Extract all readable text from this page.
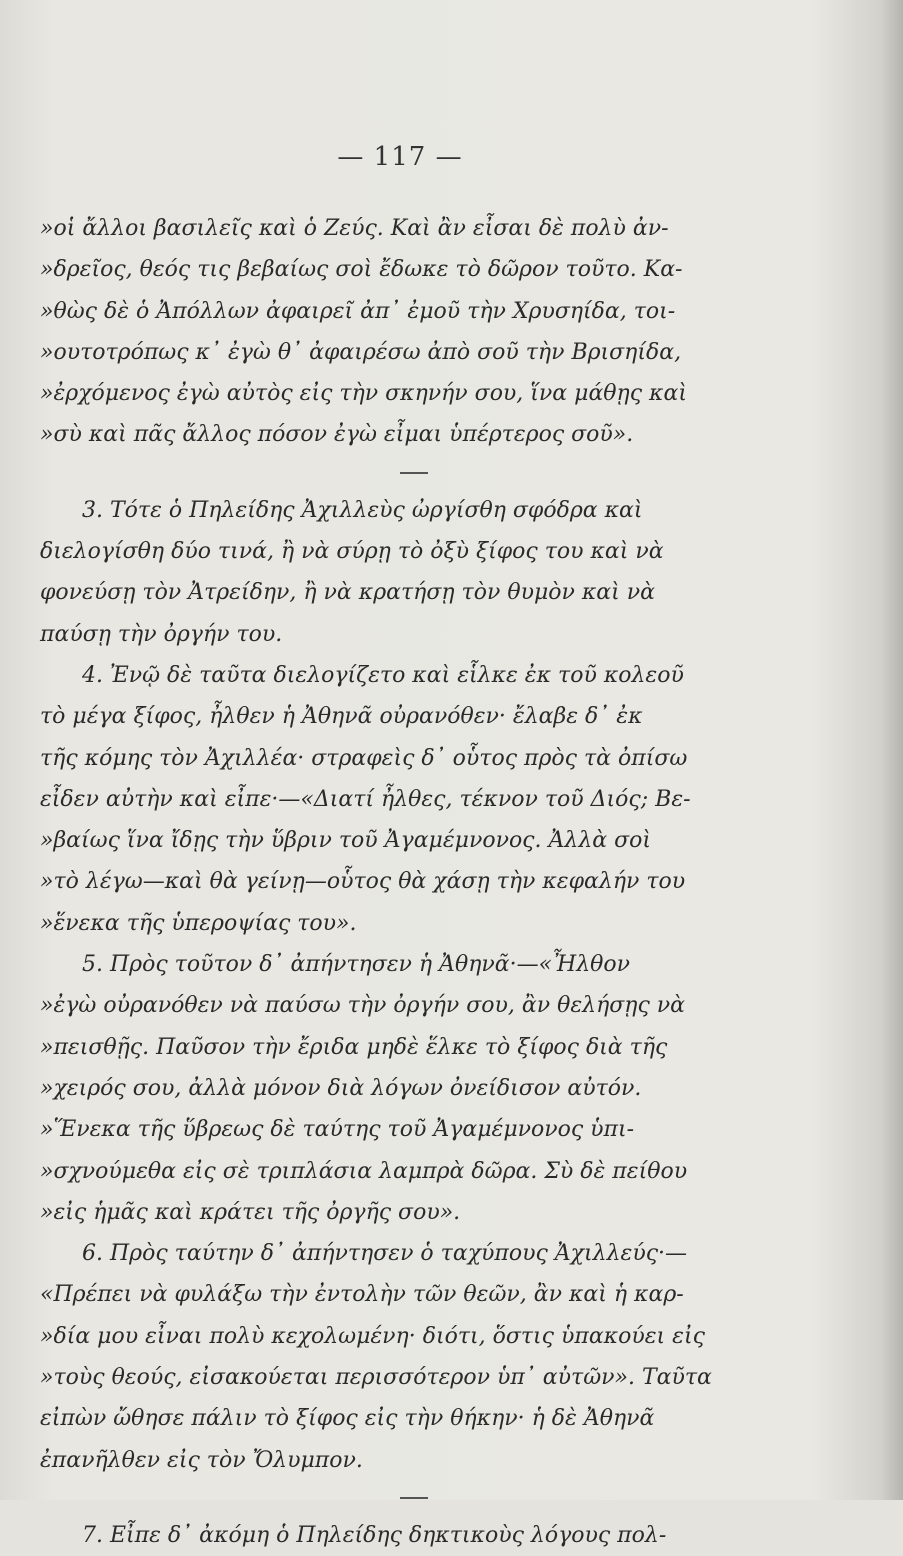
— 117 —
»οἱ ἄλλοι βασιλεῖς καὶ ὁ Ζεύς. Καὶ ἂν εἶσαι δὲ πολὺ ἀν-
»δρεῖος, θεός τις βεβαίως σοὶ ἔδωκε τὸ δῶρον τοῦτο. Κα-
»θὼς δὲ ὁ Ἀπόλλων ἀφαιρεῖ ἀπ᾽ ἐμοῦ τὴν Χρυσηίδα, τοι-
»ουτοτρόπως κ᾽ ἐγὼ θ᾽ ἀφαιρέσω ἀπὸ σοῦ τὴν Βρισηίδα,
»ἐρχόμενος ἐγὼ αὐτὸς εἰς τὴν σκηνήν σου, ἵνα μάθῃς καὶ
»σὺ καὶ πᾶς ἄλλος πόσον ἐγὼ εἶμαι ὑπέρτερος σοῦ».
3. Τότε ὁ Πηλείδης Ἀχιλλεὺς ὠργίσθη σφόδρα καὶ
διελογίσθη δύο τινά, ἢ νὰ σύρῃ τὸ ὀξὺ ξίφος του καὶ νὰ
φονεύσῃ τὸν Ἀτρείδην, ἢ νὰ κρατήσῃ τὸν θυμὸν καὶ νὰ
παύσῃ τὴν ὀργήν του.
4. Ἐνῷ δὲ ταῦτα διελογίζετο καὶ εἷλκε ἐκ τοῦ κολεοῦ
τὸ μέγα ξίφος, ἦλθεν ἡ Ἀθηνᾶ οὐρανόθεν· ἔλαβε δ᾽ ἐκ
τῆς κόμης τὸν Ἀχιλλέα· στραφεὶς δ᾽ οὗτος πρὸς τὰ ὀπίσω
εἶδεν αὐτὴν καὶ εἶπε·—«Διατί ἦλθες, τέκνον τοῦ Διός; Βε-
»βαίως ἵνα ἴδῃς τὴν ὕβριν τοῦ Ἀγαμέμνονος. Ἀλλὰ σοὶ
»τὸ λέγω—καὶ θὰ γείνῃ—οὗτος θὰ χάσῃ τὴν κεφαλήν του
»ἕνεκα τῆς ὑπεροψίας του».
5. Πρὸς τοῦτον δ᾽ ἀπήντησεν ἡ Ἀθηνᾶ·—«Ἦλθον
»ἐγὼ οὐρανόθεν νὰ παύσω τὴν ὀργήν σου, ἂν θελήσῃς νὰ
»πεισθῇς. Παῦσον τὴν ἔριδα μηδὲ ἕλκε τὸ ξίφος διὰ τῆς
»χειρός σου, ἀλλὰ μόνον διὰ λόγων ὀνείδισον αὐτόν.
»Ἕνεκα τῆς ὕβρεως δὲ ταύτης τοῦ Ἀγαμέμνονος ὑπι-
»σχνούμεθα εἰς σὲ τριπλάσια λαμπρὰ δῶρα. Σὺ δὲ πείθου
»εἰς ἡμᾶς καὶ κράτει τῆς ὀργῆς σου».
6. Πρὸς ταύτην δ᾽ ἀπήντησεν ὁ ταχύπους Ἀχιλλεύς·—
«Πρέπει νὰ φυλάξω τὴν ἐντολὴν τῶν θεῶν, ἂν καὶ ἡ καρ-
»δία μου εἶναι πολὺ κεχολωμένη· διότι, ὅστις ὑπακούει εἰς
»τοὺς θεούς, εἰσακούεται περισσότερον ὑπ᾽ αὐτῶν». Ταῦτα
εἰπὼν ὤθησε πάλιν τὸ ξίφος εἰς τὴν θήκην· ἡ δὲ Ἀθηνᾶ
ἐπανῆλθεν εἰς τὸν Ὄλυμπον.
7. Εἶπε δ᾽ ἀκόμη ὁ Πηλείδης δηκτικοὺς λόγους πολ-
